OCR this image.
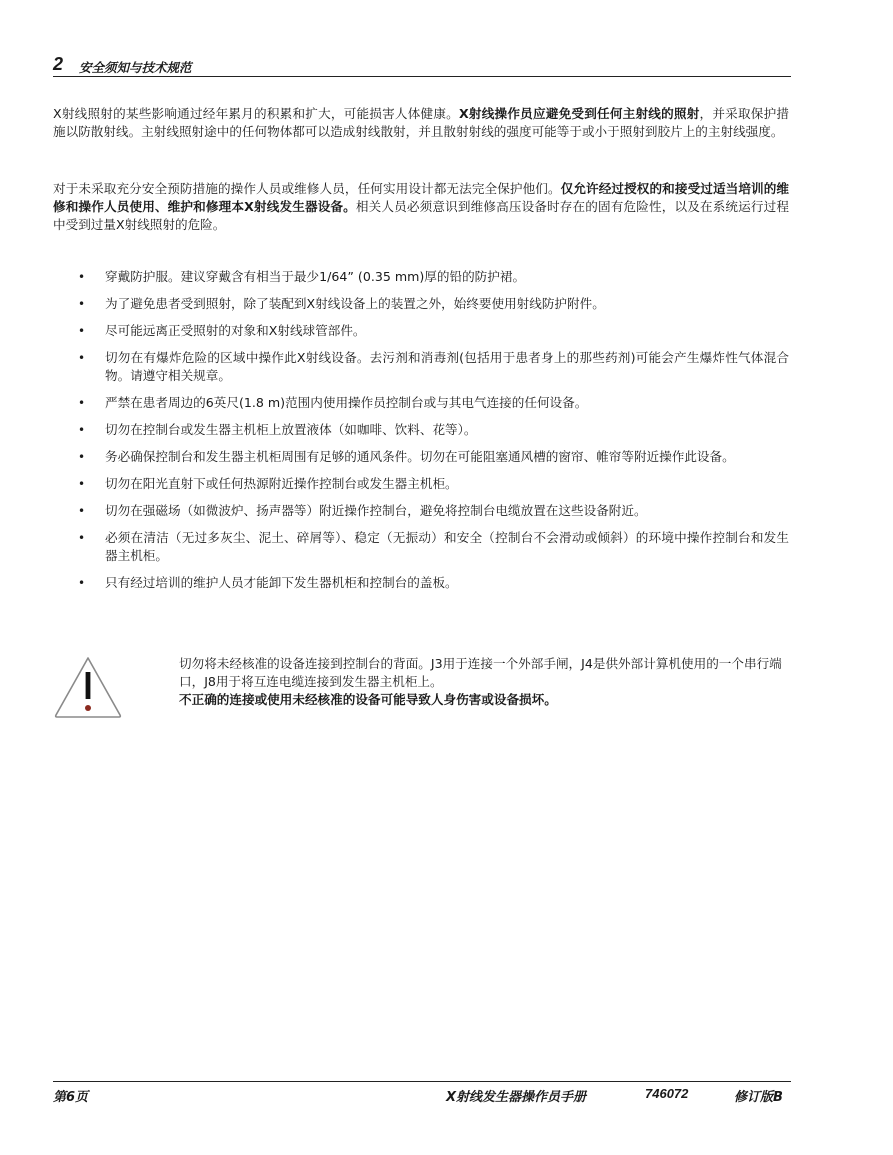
2 安全须知与技术规范

X射线照射的某些影响通过经年累月的积累和扩大，可能损害人体健康。X射线操作员应避免受到任何主射线的照射，并采取保护措施以防散射线。主射线照射途中的任何物体都可以造成射线散射，并且散射射线的强度可能等于或小于照射到胶片上的主射线强度。

对于未采取充分安全预防措施的操作人员或维修人员，任何实用设计都无法完全保护他们。仅允许经过授权的和接受过适当培训的维修和操作人员使用、维护和修理本X射线发生器设备。相关人员必须意识到维修高压设备时存在的固有危险性，以及在系统运行过程中受到过量X射线照射的危险。

• 穿戴防护服。建议穿戴含有相当于最少1/64” (0.35 mm)厚的铅的防护裙。
• 为了避免患者受到照射，除了装配到X射线设备上的装置之外，始终要使用射线防护附件。
• 尽可能远离正受照射的对象和X射线球管部件。
• 切勿在有爆炸危险的区域中操作此X射线设备。去污剂和消毒剂(包括用于患者身上的那些药剂)可能会产生爆炸性气体混合物。请遵守相关规章。
• 严禁在患者周边的6英尺(1.8 m)范围内使用操作员控制台或与其电气连接的任何设备。
• 切勿在控制台或发生器主机柜上放置液体（如咖啡、饮料、花等）。
• 务必确保控制台和发生器主机柜周围有足够的通风条件。切勿在可能阻塞通风槽的窗帘、帷帘等附近操作此设备。
• 切勿在阳光直射下或任何热源附近操作控制台或发生器主机柜。
• 切勿在强磁场（如微波炉、扬声器等）附近操作控制台，避免将控制台电缆放置在这些设备附近。
• 必须在清洁（无过多灰尘、泥土、碎屑等）、稳定（无振动）和安全（控制台不会滑动或倾斜）的环境中操作控制台和发生器主机柜。
• 只有经过培训的维护人员才能卸下发生器机柜和控制台的盖板。
切勿将未经核准的设备连接到控制台的背面。J3用于连接一个外部手闸，J4是供外部计算机使用的一个串行端口，J8用于将互连电缆连接到发生器主机柜上。
不正确的连接或使用未经核准的设备可能导致人身伤害或设备损坏。
第6页	X射线发生器操作员手册	746072	修订版B
